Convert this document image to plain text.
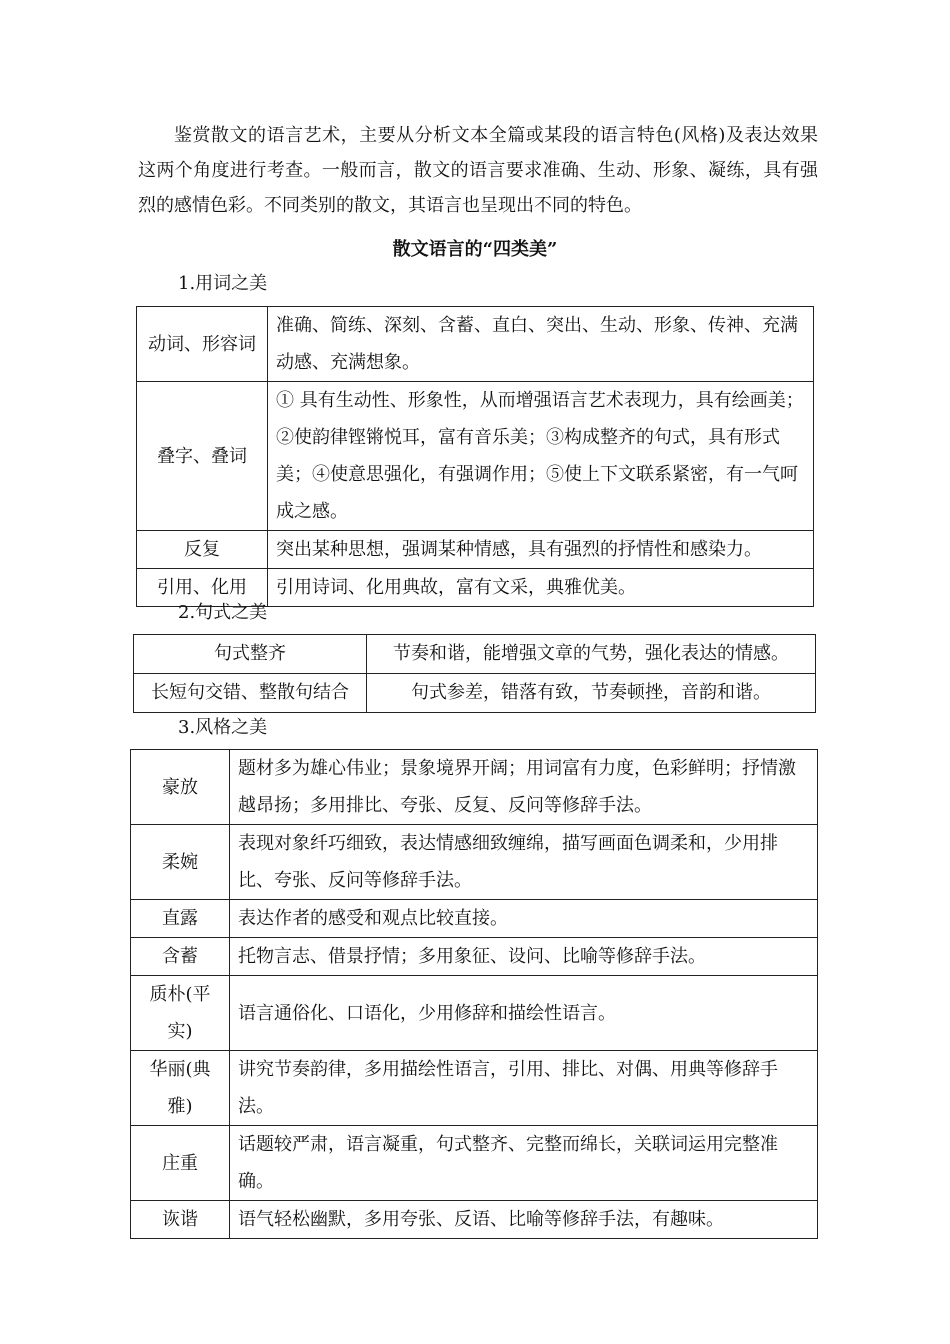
鉴赏散文的语言艺术，主要从分析文本全篇或某段的语言特色(风格)及表达效果这两个角度进行考查。一般而言，散文的语言要求准确、生动、形象、凝练，具有强烈的感情色彩。不同类别的散文，其语言也呈现出不同的特色。

散文语言的“四类美”

1.用词之美

动词、形容词	准确、简练、深刻、含蓄、直白、突出、生动、形象、传神、充满动感、充满想象。
叠字、叠词	① 具有生动性、形象性，从而增强语言艺术表现力，具有绘画美；②使韵律铿锵悦耳，富有音乐美；③构成整齐的句式，具有形式美；④使意思强化，有强调作用；⑤使上下文联系紧密，有一气呵成之感。
反复	突出某种思想，强调某种情感，具有强烈的抒情性和感染力。
引用、化用	引用诗词、化用典故，富有文采，典雅优美。

2.句式之美

句式整齐	节奏和谐，能增强文章的气势，强化表达的情感。
长短句交错、整散句结合	句式参差，错落有致，节奏顿挫，音韵和谐。

3.风格之美

豪放	题材多为雄心伟业；景象境界开阔；用词富有力度，色彩鲜明；抒情激越昂扬；多用排比、夸张、反复、反问等修辞手法。
柔婉	表现对象纤巧细致，表达情感细致缠绵，描写画面色调柔和，少用排比、夸张、反问等修辞手法。
直露	表达作者的感受和观点比较直接。
含蓄	托物言志、借景抒情；多用象征、设问、比喻等修辞手法。
质朴(平实)	语言通俗化、口语化，少用修辞和描绘性语言。
华丽(典雅)	讲究节奏韵律，多用描绘性语言，引用、排比、对偶、用典等修辞手法。
庄重	话题较严肃，语言凝重，句式整齐、完整而绵长，关联词运用完整准确。
诙谐	语气轻松幽默，多用夸张、反语、比喻等修辞手法，有趣味。
